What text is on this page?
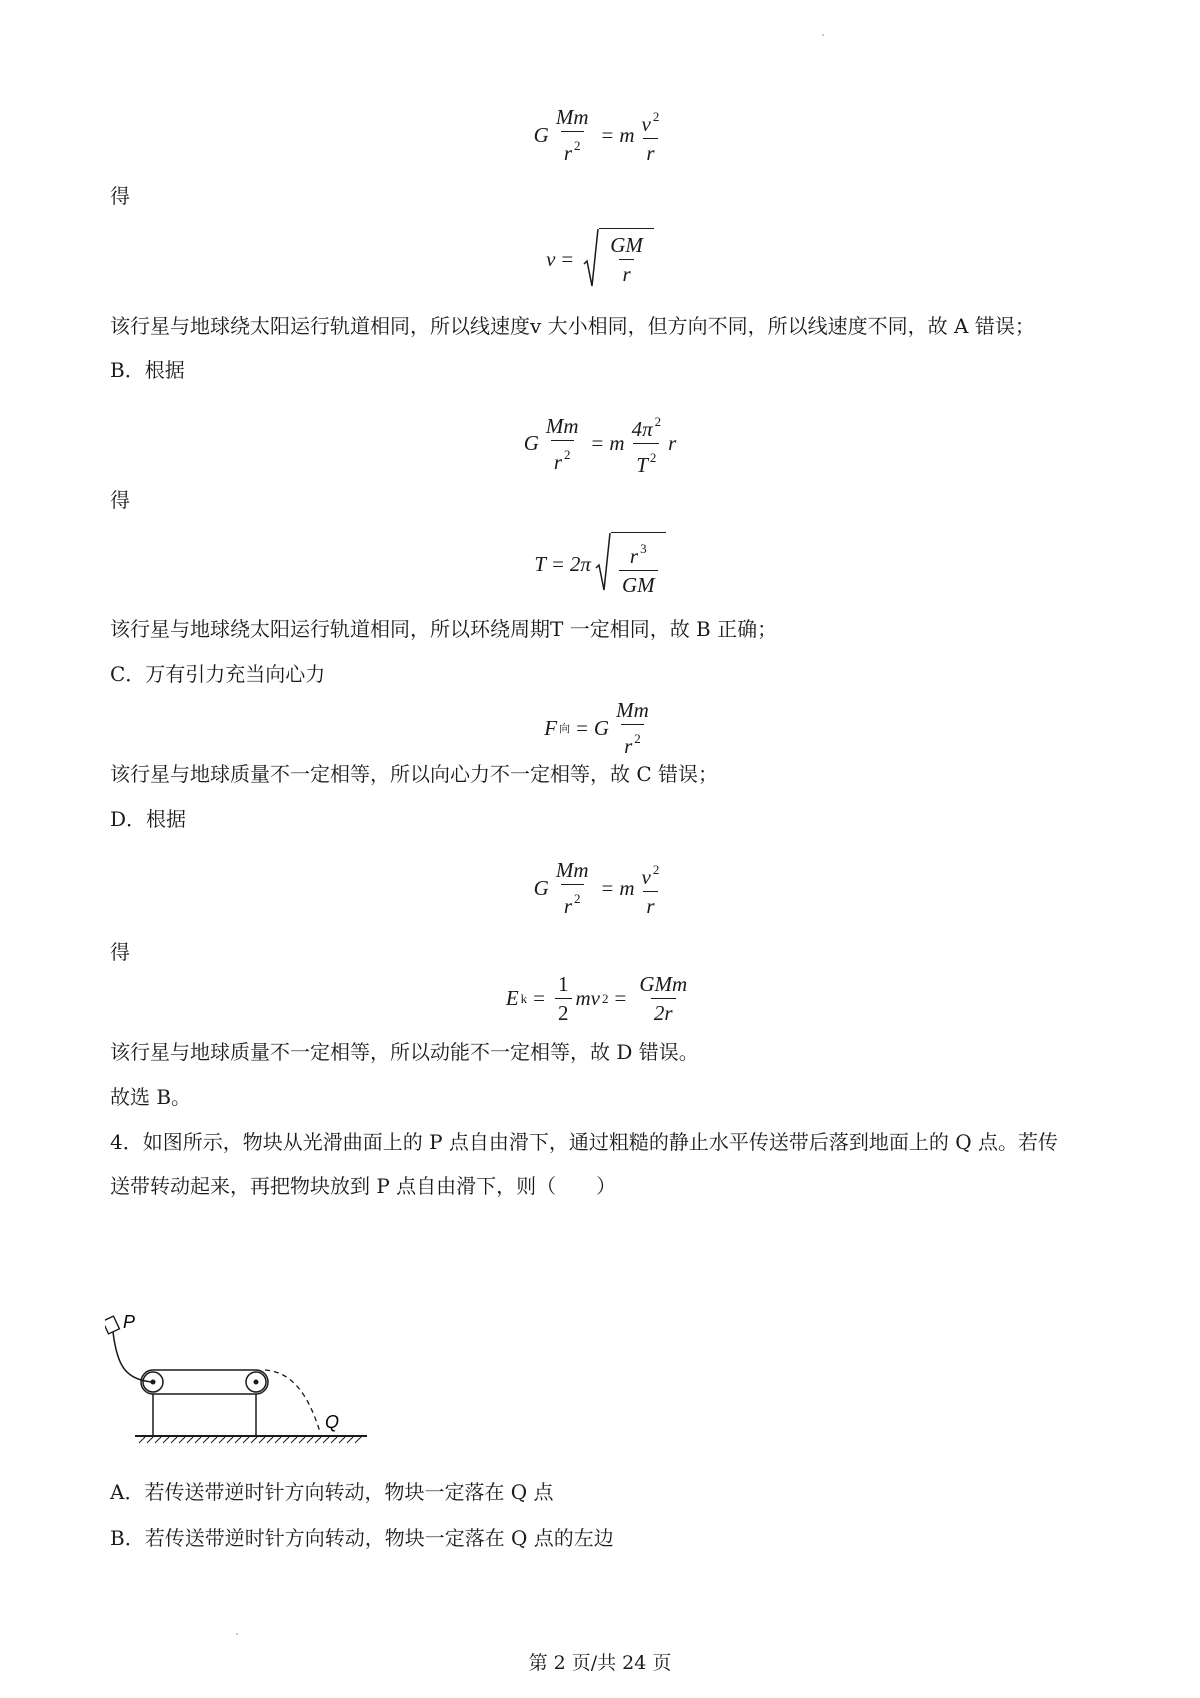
G $\frac{Mm}{r ^2} = m \frac{v ^2}{r}$
得
$v = \frac{GM}{r}$
该行星与地球绕太阳运行轨道相同，所以线速度v 大小相同，但方向不同，所以线速度不同，故 A 错误；
B．根据
G $\frac{Mm}{r ^2} = m \frac{4\pi ^2}{T ^2}$ r
得
$T = 2\pi \frac{r ^3}{GM}$
该行星与地球绕太阳运行轨道相同，所以环绕周期T 一定相同，故 B 正确；
C．万有引力充当向心力
F 向 = G $\frac{Mm}{r ^2}$
该行星与地球质量不一定相等，所以向心力不一定相等，故 C 错误；
D．根据
G $\frac{Mm}{r ^2} = m \frac{v ^2}{r}$
得
E $k = \frac{1}{2}$ m v $2 = \frac{\text{GMm}}{2r}$
该行星与地球质量不一定相等，所以动能不一定相等，故 D 错误。
故选 B。
4．如图所示，物块从光滑曲面上的 P 点自由滑下，通过粗糙的静止水平传送带后落到地面上的 Q 点。若传
送带转动起来，再把物块放到 P 点自由滑下，则（　　）
P
Q
A．若传送带逆时针方向转动，物块一定落在 Q 点
B．若传送带逆时针方向转动，物块一定落在 Q 点的左边
第 2 页/共 24 页
